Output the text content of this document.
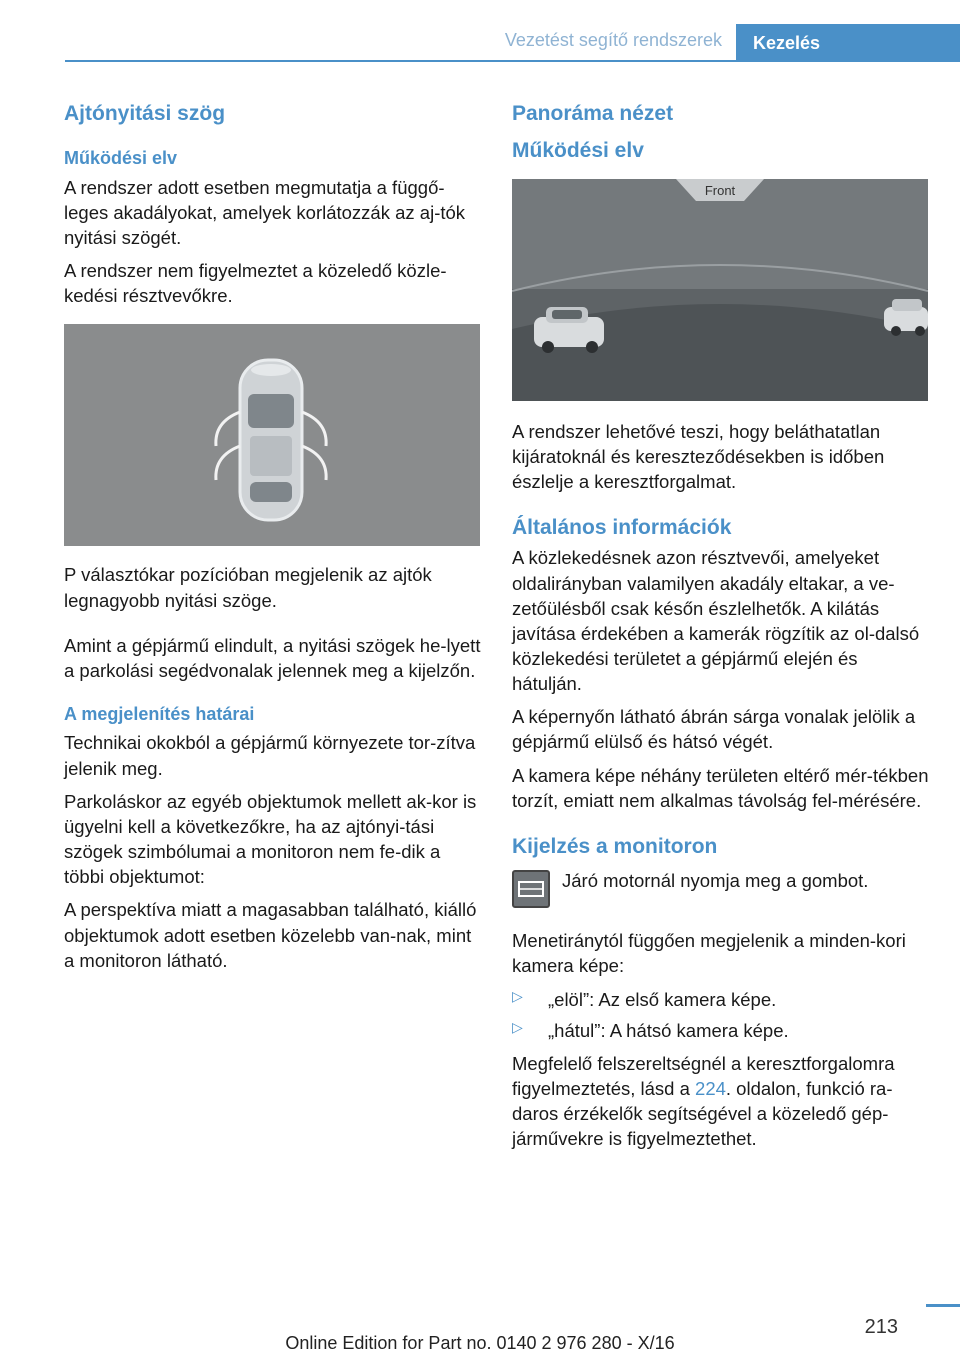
Vezetést segítő rendszerek	Kezelés
Ajtónyitási szög
Működési elv

A rendszer adott esetben megmutatja a függő‐leges akadályokat, amelyek korlátozzák az aj‐tók nyitási szögét.

A rendszer nem figyelmeztet a közeledő közle‐kedési résztvevőkre.

P választókar pozícióban megjelenik az ajtók legnagyobb nyitási szöge.

Amint a gépjármű elindult, a nyitási szögek he‐lyett a parkolási segédvonalak jelennek meg a kijelzőn.

A megjelenítés határai

Technikai okokból a gépjármű környezete tor‐zítva jelenik meg.

Parkoláskor az egyéb objektumok mellett ak‐kor is ügyelni kell a következőkre, ha az ajtónyi‐tási szögek szimbólumai a monitoron nem fe‐dik a többi objektumot:

A perspektíva miatt a magasabban található, kiálló objektumok adott esetben közelebb van‐nak, mint a monitoron látható.

Panoráma nézet
Működési elv
Front

A rendszer lehetővé teszi, hogy beláthatatlan kijáratoknál és kereszteződésekben is időben észlelje a keresztforgalmat.

Általános információk

A közlekedésnek azon résztvevői, amelyeket oldalirányban valamilyen akadály eltakar, a ve‐zetőülésből csak későn észlelhetők. A kilátás javítása érdekében a kamerák rögzítik az ol‐dalsó közlekedési területet a gépjármű elején és hátulján.

A képernyőn látható ábrán sárga vonalak jelölik a gépjármű elülső és hátsó végét.

A kamera képe néhány területen eltérő mér‐tékben torzít, emiatt nem alkalmas távolság fel‐mérésére.

Kijelzés a monitoron

Járó motornál nyomja meg a gombot.

Menetiránytól függően megjelenik a minden‐kori kamera képe:

▷ „elöl”: Az első kamera képe.
▷ „hátul”: A hátsó kamera képe.

Megfelelő felszereltségnél a keresztforgalomra figyelmeztetés, lásd a 224. oldalon, funkció ra‐daros érzékelők segítségével a közeledő gép‐járművekre is figyelmeztethet.

213
Online Edition for Part no. 0140 2 976 280 - X/16
